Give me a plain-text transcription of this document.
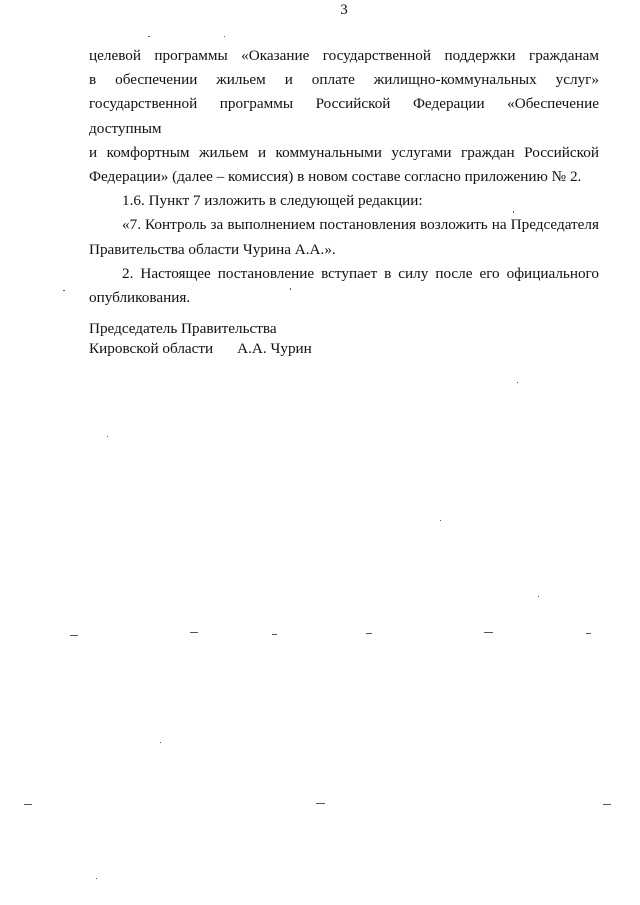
3
целевой программы «Оказание государственной поддержки гражданам
в обеспечении жильем и оплате жилищно-коммунальных услуг»
государственной программы Российской Федерации «Обеспечение доступным
и комфортным жильем и коммунальными услугами граждан Российской
Федерации» (далее – комиссия) в новом составе согласно приложению № 2.
1.6. Пункт 7 изложить в следующей редакции:
«7. Контроль за выполнением постановления возложить на Председателя
Правительства области Чурина А.А.».
2. Настоящее постановление вступает в силу после его официального
опубликования.
Председатель Правительства
Кировской области А.А. Чурин
